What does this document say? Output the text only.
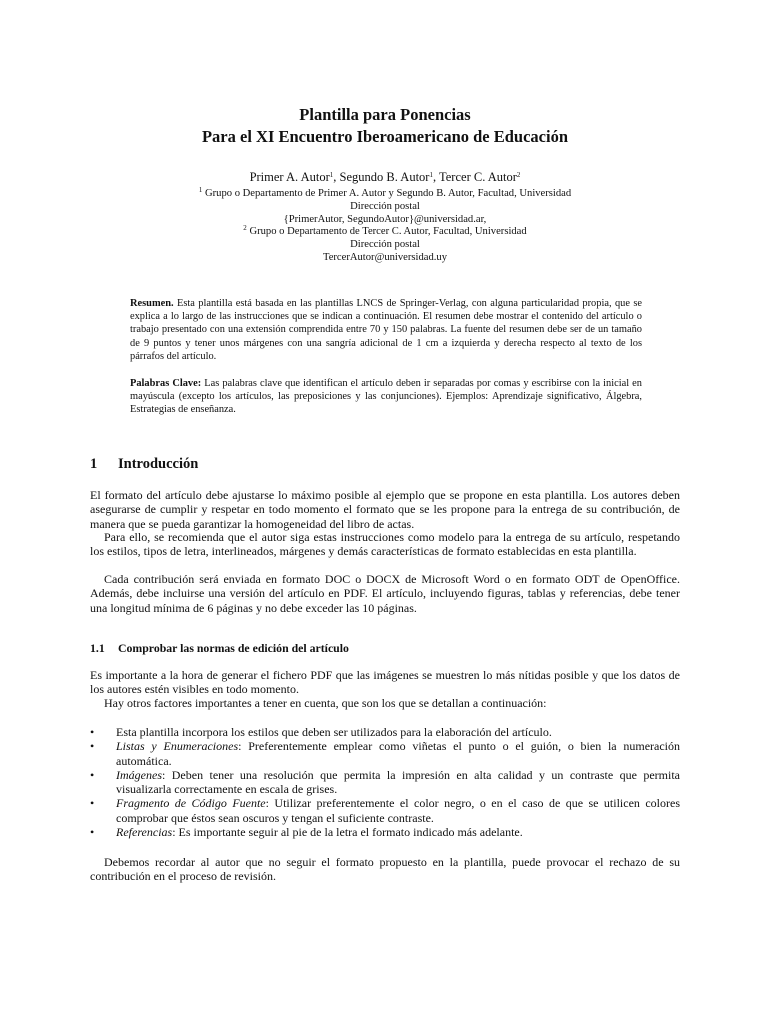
Plantilla para Ponencias
Para el XI Encuentro Iberoamericano de Educación
Primer A. Autor$^1$, Segundo B. Autor$^1$, Tercer C. Autor$^2$
$^1$ Grupo o Departamento de Primer A. Autor y Segundo B. Autor, Facultad, Universidad
Dirección postal
{PrimerAutor, SegundoAutor}@universidad.ar,
$^2$ Grupo o Departamento de Tercer C. Autor, Facultad, Universidad
Dirección postal
TercerAutor@universidad.uy

Resumen. Esta plantilla está basada en las plantillas LNCS de Springer-Verlag, con alguna particularidad propia, que se explica a lo largo de las instrucciones que se indican a continuación. El resumen debe mostrar el contenido del artículo o trabajo presentado con una extensión comprendida entre 70 y 150 palabras. La fuente del resumen debe ser de un tamaño de 9 puntos y tener unos márgenes con una sangría adicional de 1 cm a izquierda y derecha respecto al texto de los párrafos del artículo.

Palabras Clave: Las palabras clave que identifican el artículo deben ir separadas por comas y escribirse con la inicial en mayúscula (excepto los artículos, las preposiciones y las conjunciones). Ejemplos: Aprendizaje significativo, Álgebra, Estrategias de enseñanza.

1 Introducción

El formato del artículo debe ajustarse lo máximo posible al ejemplo que se propone en esta plantilla. Los autores deben asegurarse de cumplir y respetar en todo momento el formato que se les propone para la entrega de su contribución, de manera que se pueda garantizar la homogeneidad del libro de actas.

Para ello, se recomienda que el autor siga estas instrucciones como modelo para la entrega de su artículo, respetando los estilos, tipos de letra, interlineados, márgenes y demás características de formato establecidas en esta plantilla.

Cada contribución será enviada en formato DOC o DOCX de Microsoft Word o en formato ODT de OpenOffice. Además, debe incluirse una versión del artículo en PDF. El artículo, incluyendo figuras, tablas y referencias, debe tener una longitud mínima de 6 páginas y no debe exceder las 10 páginas.

1.1 Comprobar las normas de edición del artículo

Es importante a la hora de generar el fichero PDF que las imágenes se muestren lo más nítidas posible y que los datos de los autores estén visibles en todo momento.

Hay otros factores importantes a tener en cuenta, que son los que se detallan a continuación:

• Esta plantilla incorpora los estilos que deben ser utilizados para la elaboración del artículo.
• Listas y Enumeraciones: Preferentemente emplear como viñetas el punto o el guión, o bien la numeración automática.
• Imágenes: Deben tener una resolución que permita la impresión en alta calidad y un contraste que permita visualizarla correctamente en escala de grises.
• Fragmento de Código Fuente: Utilizar preferentemente el color negro, o en el caso de que se utilicen colores comprobar que éstos sean oscuros y tengan el suficiente contraste.
• Referencias: Es importante seguir al pie de la letra el formato indicado más adelante.

Debemos recordar al autor que no seguir el formato propuesto en la plantilla, puede provocar el rechazo de su contribución en el proceso de revisión.
